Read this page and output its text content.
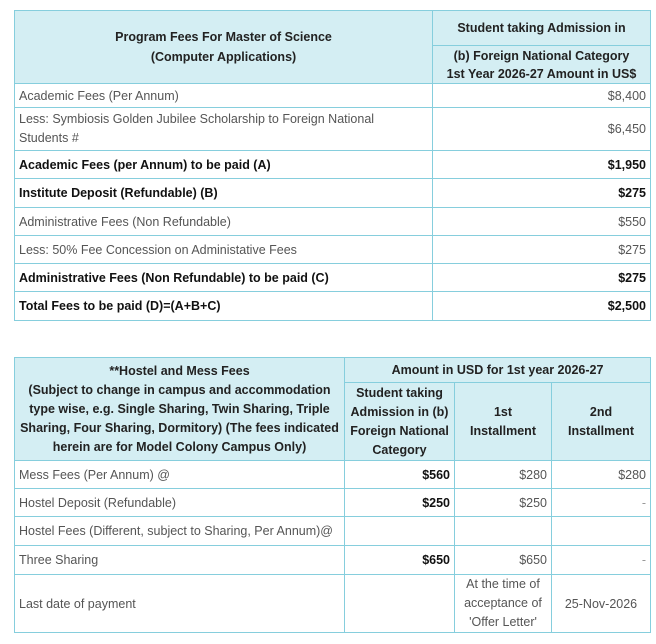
Program Fees For Master of Science
(Computer Applications)	Student taking Admission in
	(b) Foreign National Category
1st Year 2026-27 Amount in US$
Academic Fees (Per Annum)	$8,400
Less: Symbiosis Golden Jubilee Scholarship to Foreign National Students #	$6,450
Academic Fees (per Annum) to be paid (A)	$1,950
Institute Deposit (Refundable) (B)	$275
Administrative Fees (Non Refundable)	$550
Less: 50% Fee Concession on Administative Fees	$275
Administrative Fees (Non Refundable) to be paid (C)	$275
Total Fees to be paid (D)=(A+B+C)	$2,500
**Hostel and Mess Fees
(Subject to change in campus and accommodation type wise, e.g. Single Sharing, Twin Sharing, Triple Sharing, Four Sharing, Dormitory) (The fees indicated herein are for Model Colony Campus Only)	Amount in USD for 1st year 2026-27		
	Student taking Admission in (b) Foreign National Category	1st Installment	2nd Installment
Mess Fees (Per Annum) @	$560	$280	$280
Hostel Deposit (Refundable)	$250	$250	-
Hostel Fees (Different, subject to Sharing, Per Annum)@			
Three Sharing	$650	$650	-
Last date of payment		At the time of acceptance of 'Offer Letter'	25-Nov-2026
